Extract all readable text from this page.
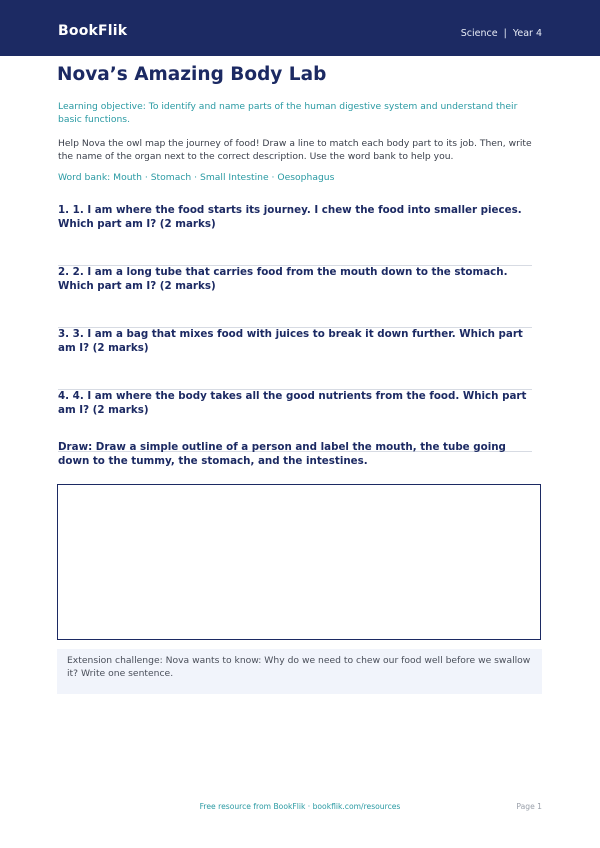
BookFlik	Science | Year 4
Nova’s Amazing Body Lab
Learning objective: To identify and name parts of the human digestive system and understand their basic functions.
Help Nova the owl map the journey of food! Draw a line to match each body part to its job. Then, write the name of the organ next to the correct description. Use the word bank to help you.
Word bank: Mouth · Stomach · Small Intestine · Oesophagus
1. 1. I am where the food starts its journey. I chew the food into smaller pieces. Which part am I? (2 marks)
2. 2. I am a long tube that carries food from the mouth down to the stomach. Which part am I? (2 marks)
3. 3. I am a bag that mixes food with juices to break it down further. Which part am I? (2 marks)
4. 4. I am where the body takes all the good nutrients from the food. Which part am I? (2 marks)
Draw: Draw a simple outline of a person and label the mouth, the tube going down to the tummy, the stomach, and the intestines.
Extension challenge: Nova wants to know: Why do we need to chew our food well before we swallow it? Write one sentence.
Free resource from BookFlik · bookflik.com/resources	Page 1
